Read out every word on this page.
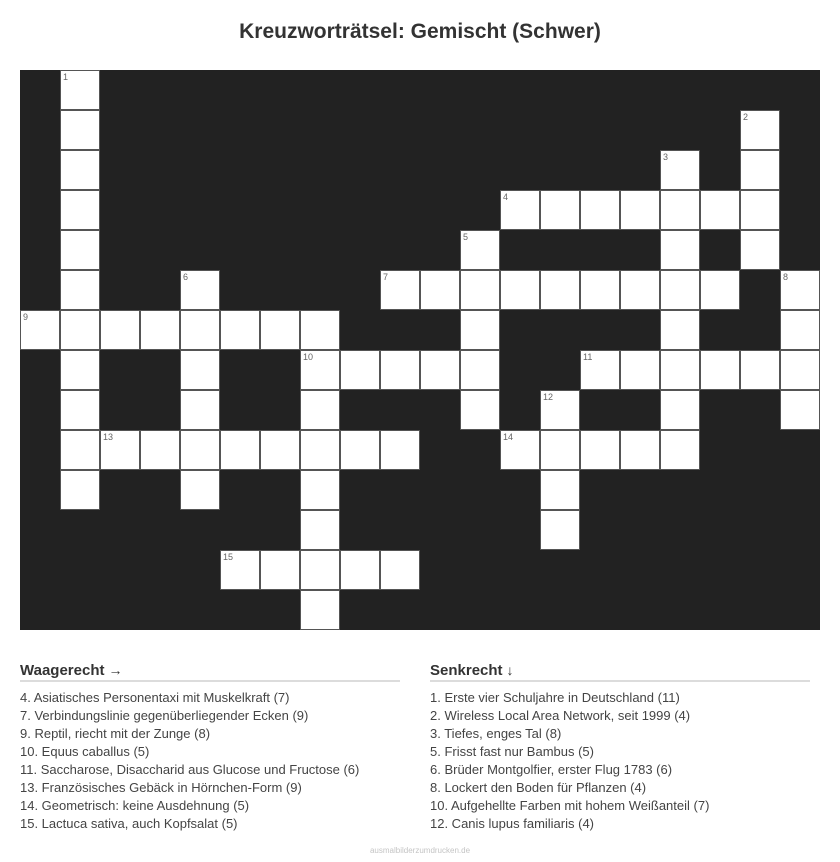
Kreuzworträtsel: Gemischt (Schwer)
1
2
3
4
5
6	7	8
9
10	11
12
13	14
15
Waagerecht →
4. Asiatisches Personentaxi mit Muskelkraft (7)
7. Verbindungslinie gegenüberliegender Ecken (9)
9. Reptil, riecht mit der Zunge (8)
10. Equus caballus (5)
11. Saccharose, Disaccharid aus Glucose und Fructose (6)
13. Französisches Gebäck in Hörnchen-Form (9)
14. Geometrisch: keine Ausdehnung (5)
15. Lactuca sativa, auch Kopfsalat (5)
Senkrecht ↓
1. Erste vier Schuljahre in Deutschland (11)
2. Wireless Local Area Network, seit 1999 (4)
3. Tiefes, enges Tal (8)
5. Frisst fast nur Bambus (5)
6. Brüder Montgolfier, erster Flug 1783 (6)
8. Lockert den Boden für Pflanzen (4)
10. Aufgehellte Farben mit hohem Weißanteil (7)
12. Canis lupus familiaris (4)
ausmalbilderzumdrucken.de
